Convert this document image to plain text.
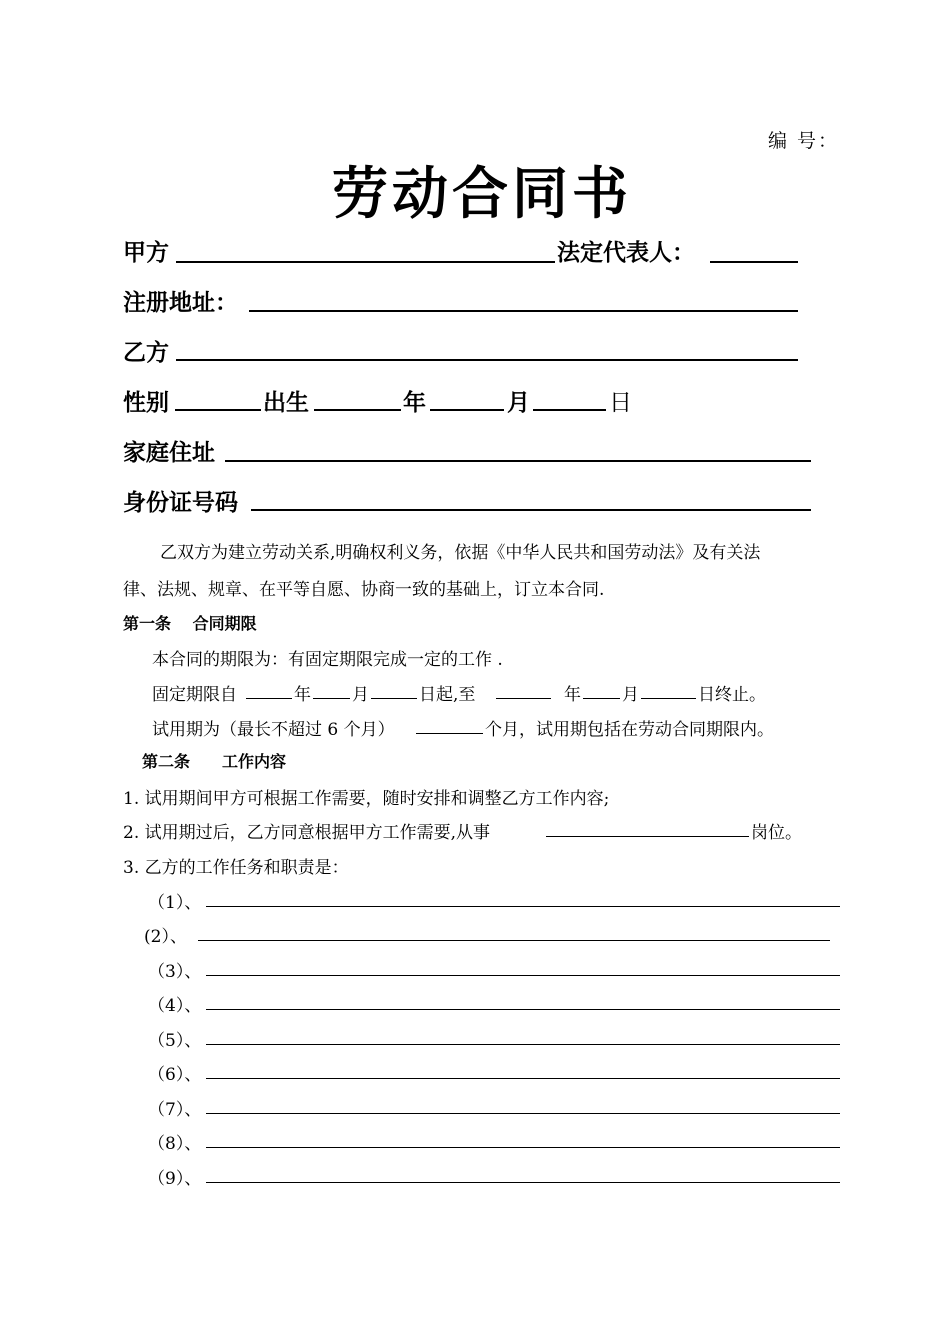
编 号：
劳动合同书
甲方	法定代表人：
注册地址：
乙方
性别	出生	年	月	日
家庭住址
身份证号码
乙双方为建立劳动关系,明确权利义务，依据《中华人民共和国劳动法》及有关法
律、法规、规章、在平等自愿、协商一致的基础上，订立本合同.
第一条　 合同期限
本合同的期限为：有固定期限完成一定的工作 .
固定期限自	年 月	日起,至	年 月	日终止。
试用期为（最长不超过 6 个月）	个月，试用期包括在劳动合同期限内。
第二条　　工作内容
1. 试用期间甲方可根据工作需要，随时安排和调整乙方工作内容;
2. 试用期过后，乙方同意根据甲方工作需要,从事	岗位。
3. 乙方的工作任务和职责是：
（1）、
(2）、
（3）、
（4）、
（5）、
（6）、
（7）、
（8）、
（9）、
